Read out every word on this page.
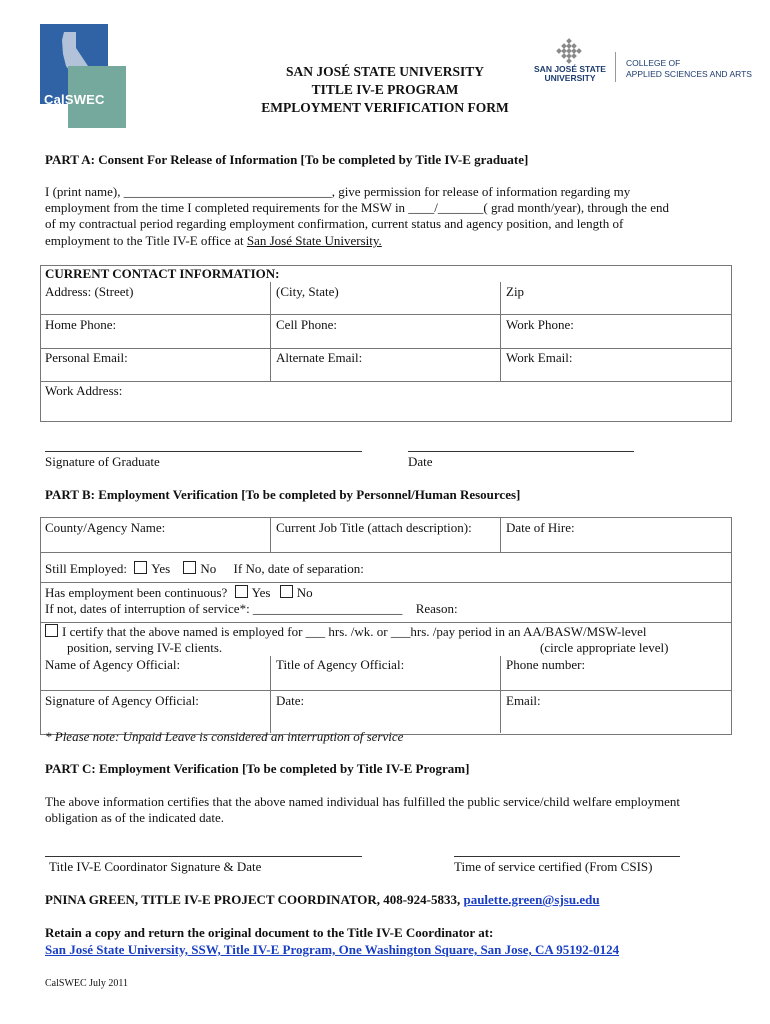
CalSWEC
SAN JOSÉ STATE UNIVERSITY
COLLEGE OF
APPLIED SCIENCES AND ARTS
SAN JOSÉ STATE UNIVERSITY
TITLE IV-E PROGRAM
EMPLOYMENT VERIFICATION FORM
PART A: Consent For Release of Information [To be completed by Title IV-E graduate]
I (print name), ________________________________, give permission for release of information regarding my
employment from the time I completed requirements for the MSW in ____/_______( grad month/year), through the end
of my contractual period regarding employment confirmation, current status and agency position, and length of
employment to the Title IV-E office at San José State University.
CURRENT CONTACT INFORMATION:
Address: (Street)	(City, State)	Zip
Home Phone:	Cell Phone:	Work Phone:
Personal Email:	Alternate Email:	Work Email:
Work Address:
Signature of Graduate	Date
PART B: Employment Verification [To be completed by Personnel/Human Resources]
County/Agency Name:	Current Job Title (attach description):	Date of Hire:
Still Employed: Yes No If No, date of separation:
Has employment been continuous? Yes No
If not, dates of interruption of service*: _______________________ Reason:
I certify that the above named is employed for ___ hrs. /wk. or ___hrs. /pay period in an AA/BASW/MSW-level
position, serving IV-E clients.	(circle appropriate level)
Name of Agency Official:	Title of Agency Official:	Phone number:
Signature of Agency Official:	Date:	Email:
* Please note: Unpaid Leave is considered an interruption of service
PART C: Employment Verification [To be completed by Title IV-E Program]
The above information certifies that the above named individual has fulfilled the public service/child welfare employment
obligation as of the indicated date.
Title IV-E Coordinator Signature & Date	Time of service certified (From CSIS)
PNINA GREEN, TITLE IV-E PROJECT COORDINATOR, 408-924-5833, paulette.green@sjsu.edu
Retain a copy and return the original document to the Title IV-E Coordinator at:
San José State University, SSW, Title IV-E Program, One Washington Square, San Jose, CA 95192-0124
CalSWEC July 2011
